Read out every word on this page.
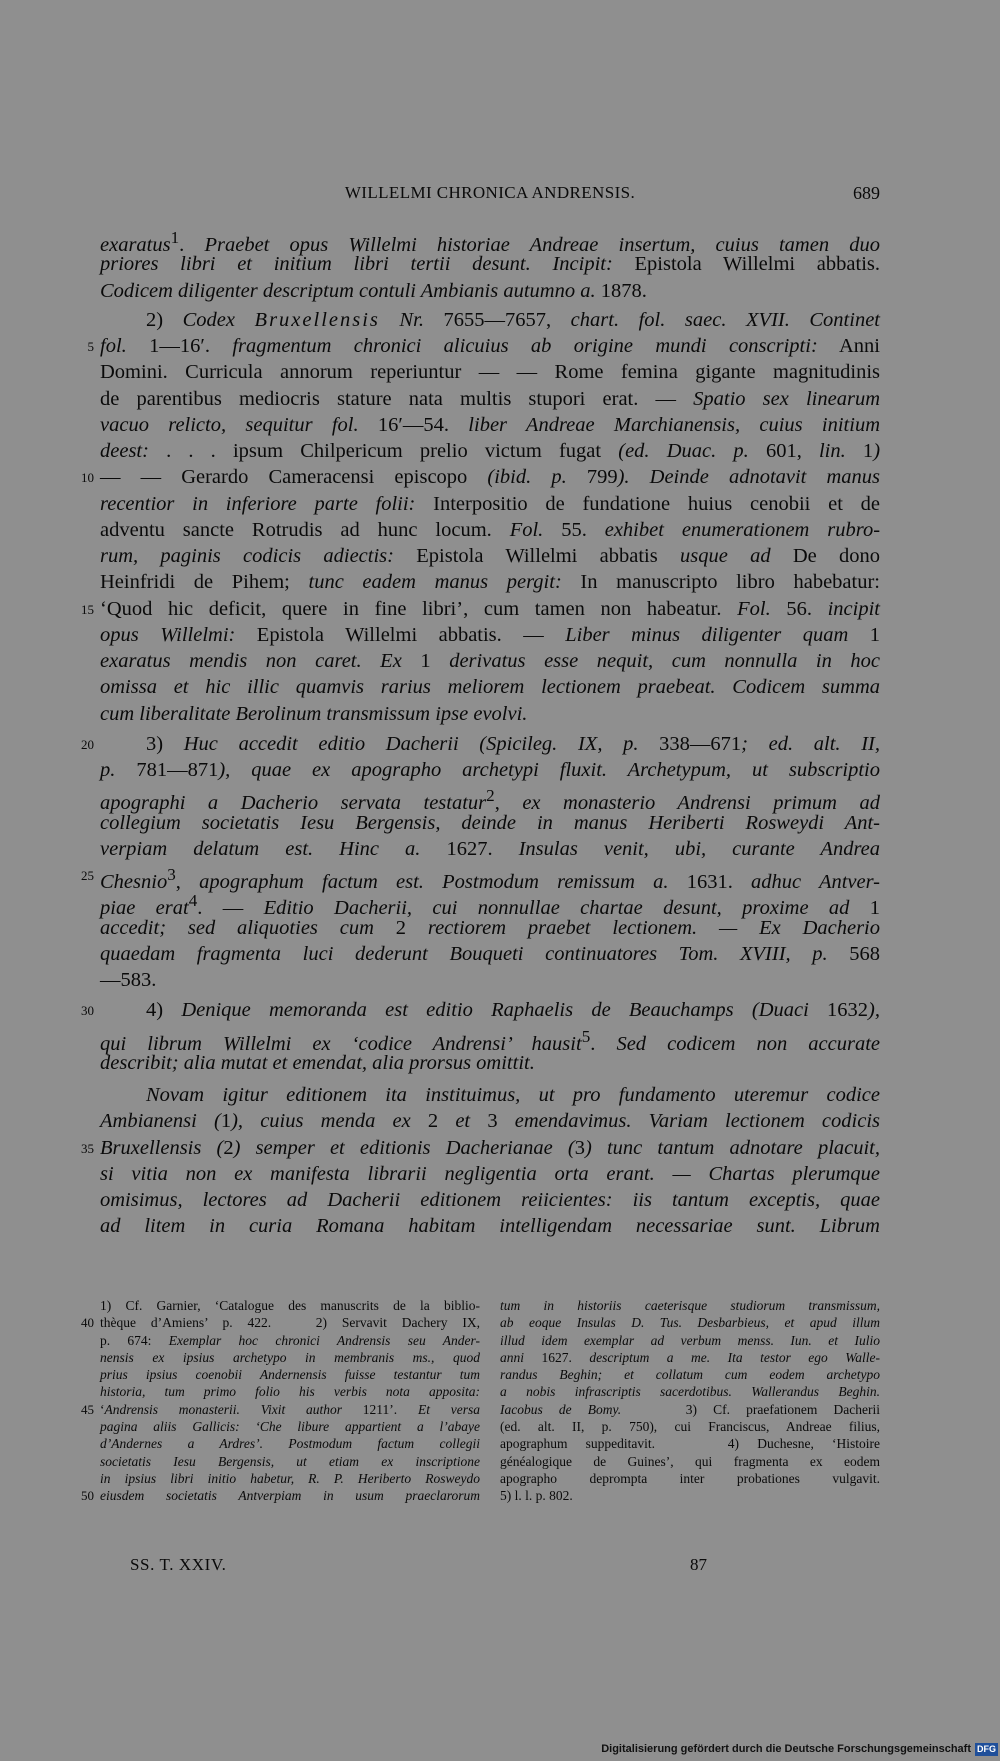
WILLELMI CHRONICA ANDRENSIS.	689
exaratus$^1$. Praebet opus Willelmi historiae Andreae insertum, cuius tamen duo
priores libri et initium libri tertii desunt. Incipit: Epistola Willelmi abbatis.
Codicem diligenter descriptum contuli Ambianis autumno a. 1878.
2) Codex Bruxellensis Nr. 7655—7657, chart. fol. saec. XVII. Continet
5 fol. 1—16′. fragmentum chronici alicuius ab origine mundi conscripti: Anni
Domini. Curricula annorum reperiuntur — — Rome femina gigante magnitudinis
de parentibus mediocris stature nata multis stupori erat. — Spatio sex linearum
vacuo relicto, sequitur fol. 16′—54. liber Andreae Marchianensis, cuius initium
deest: . . . ipsum Chilpericum prelio victum fugat (ed. Duac. p. 601, lin. 1)
10 — — Gerardo Cameracensi episcopo (ibid. p. 799). Deinde adnotavit manus
recentior in inferiore parte folii: Interpositio de fundatione huius cenobii et de
adventu sancte Rotrudis ad hunc locum. Fol. 55. exhibet enumerationem rubro-
rum, paginis codicis adiectis: Epistola Willelmi abbatis usque ad De dono
Heinfridi de Pihem; tunc eadem manus pergit: In manuscripto libro habebatur:
15 ‘Quod hic deficit, quere in fine libri’, cum tamen non habeatur. Fol. 56. incipit
opus Willelmi: Epistola Willelmi abbatis. — Liber minus diligenter quam 1
exaratus mendis non caret. Ex 1 derivatus esse nequit, cum nonnulla in hoc
omissa et hic illic quamvis rarius meliorem lectionem praebeat. Codicem summa
cum liberalitate Berolinum transmissum ipse evolvi.
20	3) Huc accedit editio Dacherii (Spicileg. IX, p. 338—671; ed. alt. II,
p. 781—871), quae ex apographo archetypi fluxit. Archetypum, ut subscriptio
apographi a Dacherio servata testatur$^2$, ex monasterio Andrensi primum ad
collegium societatis Iesu Bergensis, deinde in manus Heriberti Rosweydi Ant-
verpiam delatum est. Hinc a. 1627. Insulas venit, ubi, curante Andrea
25 Chesnio$^3$, apographum factum est. Postmodum remissum a. 1631. adhuc Antver-
piae erat$^4$. — Editio Dacherii, cui nonnullae chartae desunt, proxime ad 1
accedit; sed aliquoties cum 2 rectiorem praebet lectionem. — Ex Dacherio
quaedam fragmenta luci dederunt Bouqueti continuatores Tom. XVIII, p. 568
—583.
30	4) Denique memoranda est editio Raphaelis de Beauchamps (Duaci 1632),
qui librum Willelmi ex ‘codice Andrensi’ hausit$^5$. Sed codicem non accurate
describit; alia mutat et emendat, alia prorsus omittit.
Novam igitur editionem ita instituimus, ut pro fundamento uteremur codice
Ambianensi (1), cuius menda ex 2 et 3 emendavimus. Variam lectionem codicis
35 Bruxellensis (2) semper et editionis Dacherianae (3) tunc tantum adnotare placuit,
si vitia non ex manifesta librarii negligentia orta erant. — Chartas plerumque
omisimus, lectores ad Dacherii editionem reiicientes: iis tantum exceptis, quae
ad litem in curia Romana habitam intelligendam necessariae sunt. Librum
1) Cf. Garnier, ‘Catalogue des manuscrits de la biblio-
40 thèque d’Amiens’ p. 422.   2) Servavit Dachery IX,
p. 674: Exemplar hoc chronici Andrensis seu Ander-
nensis ex ipsius archetypo in membranis ms., quod
prius ipsius coenobii Andernensis fuisse testantur tum
historia, tum primo folio his verbis nota apposita:
45 ‘Andrensis monasterii. Vixit author 1211’. Et versa
pagina aliis Gallicis: ‘Che libure appartient a l’abaye
d’Andernes a Ardres’. Postmodum factum collegii
societatis Iesu Bergensis, ut etiam ex inscriptione
in ipsius libri initio habetur, R. P. Heriberto Rosweydo
50 eiusdem societatis Antverpiam in usum praeclarorum
tum in historiis caeterisque studiorum transmissum,
ab eoque Insulas D. Tus. Desbarbieus, et apud illum
illud idem exemplar ad verbum menss. Iun. et Iulio
anni 1627. descriptum a me. Ita testor ego Walle-
randus Beghin; et collatum cum eodem archetypo
a nobis infrascriptis sacerdotibus. Wallerandus Beghin.
Iacobus de Bomy.    3) Cf. praefationem Dacherii
(ed. alt. II, p. 750), cui Franciscus, Andreae filius,
apographum suppeditavit.    4) Duchesne, ‘Histoire
généalogique de Guines’, qui fragmenta ex eodem
apographo deprompta inter probationes vulgavit.
5) l. l. p. 802.
SS. T. XXIV.	87
Digitalisierung gefördert durch die Deutsche Forschungsgemeinschaft DFG
